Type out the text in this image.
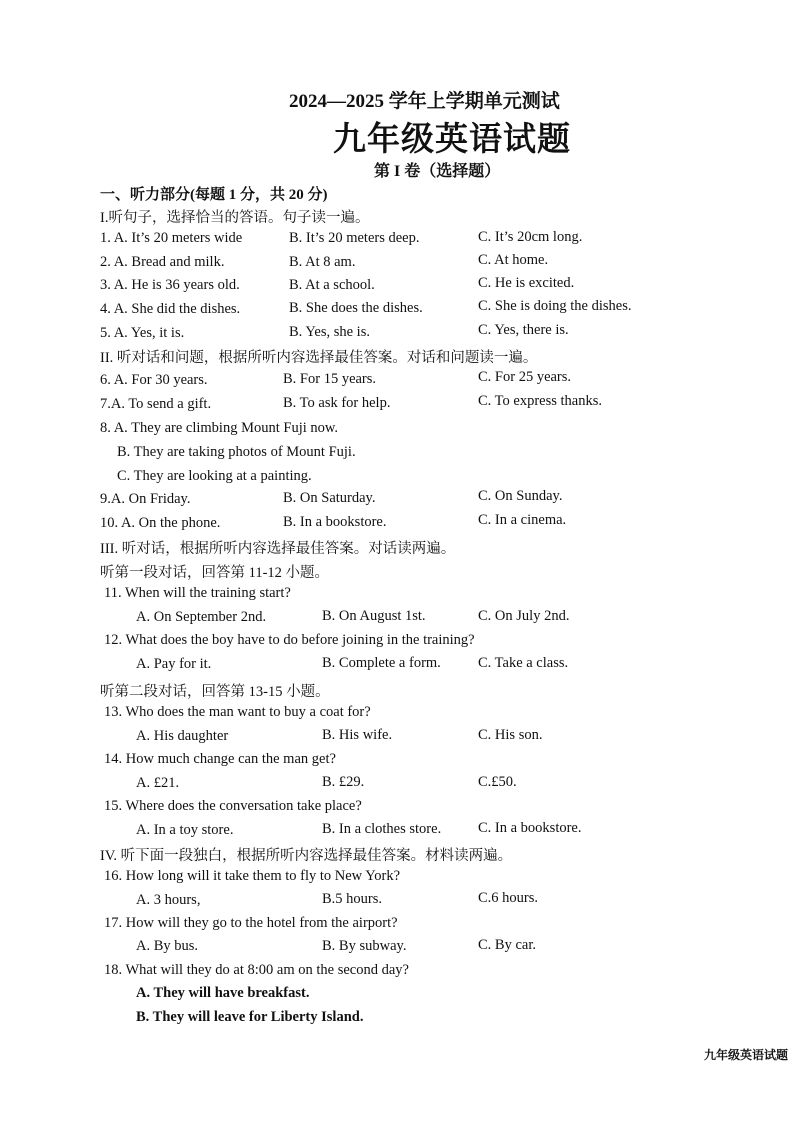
2024—2025 学年上学期单元测试
九年级英语试题
第 I 卷（选择题）
一、听力部分(每题 1 分，共 20 分)
I.听句子，选择恰当的答语。句子读一遍。
1. A. It’s 20 meters wide	B. It’s 20 meters deep.	C. It’s 20cm long.
2. A. Bread and milk.	B. At 8 am.	C. At home.
3. A. He is 36 years old.	B. At a school.	C. He is excited.
4. A. She did the dishes.	B. She does the dishes.	C. She is doing the dishes.
5. A. Yes, it is.	B. Yes, she is.	C. Yes, there is.
II. 听对话和问题，根据所听内容选择最佳答案。对话和问题读一遍。
6. A. For 30 years.	B. For 15 years.	C. For 25 years.
7.A. To send a gift.	B. To ask for help.	C. To express thanks.
8. A. They are climbing Mount Fuji now.
B. They are taking photos of Mount Fuji.
C. They are looking at a painting.
9.A. On Friday.	B. On Saturday.	C. On Sunday.
10. A. On the phone.	B. In a bookstore.	C. In a cinema.
III. 听对话，根据所听内容选择最佳答案。对话读两遍。
听第一段对话，回答第 11-12 小题。
11. When will the training start?
A. On September 2nd.	B. On August 1st.	C. On July 2nd.
12. What does the boy have to do before joining in the training?
A. Pay for it.	B. Complete a form.	C. Take a class.
听第二段对话，回答第 13-15 小题。
13. Who does the man want to buy a coat for?
A. His daughter	B. His wife.	C. His son.
14. How much change can the man get?
A. £21.	B. £29.	C.£50.
15. Where does the conversation take place?
A. In a toy store.	B. In a clothes store.	C. In a bookstore.
IV. 听下面一段独白，根据所听内容选择最佳答案。材料读两遍。
16. How long will it take them to fly to New York?
A. 3 hours,	B.5 hours.	C.6 hours.
17. How will they go to the hotel from the airport?
A. By bus.	B. By subway.	C. By car.
18. What will they do at 8:00 am on the second day?
A. They will have breakfast.
B. They will leave for Liberty Island.
九年级英语试题
